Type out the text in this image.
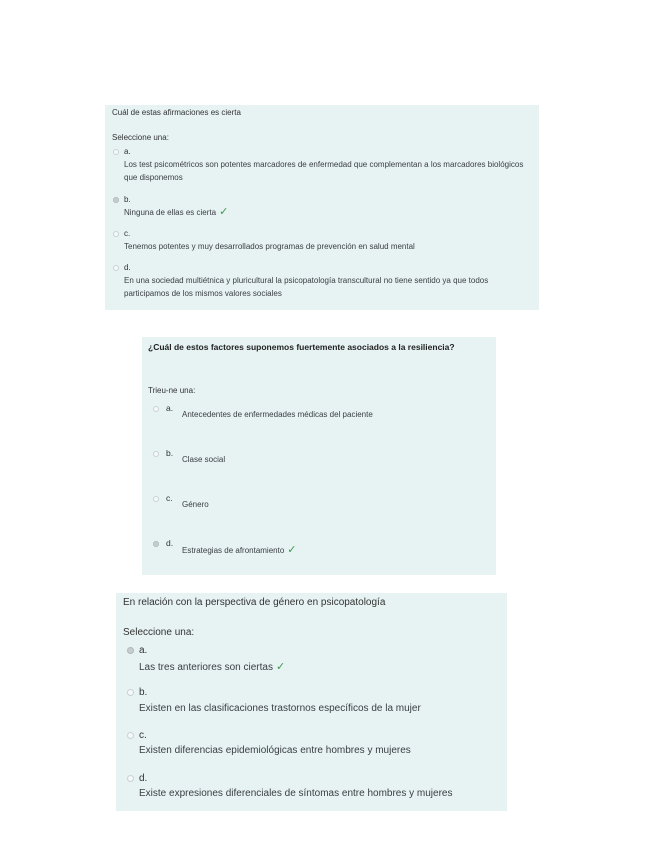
Cuál de estas afirmaciones es cierta
Seleccione una:
a.
Los test psicométricos son potentes marcadores de enfermedad que complementan a los marcadores biológicos que disponemos
b.
Ninguna de ellas es cierta ✓
c.
Tenemos potentes y muy desarrollados programas de prevención en salud mental
d.
En una sociedad multiétnica y pluricultural la psicopatología transcultural no tiene sentido ya que todos participamos de los mismos valores sociales
¿Cuál de estos factores suponemos fuertemente asociados a la resiliencia?
Trieu-ne una:
a.
Antecedentes de enfermedades médicas del paciente
b.
Clase social
c.
Género
d.
Estrategias de afrontamiento ✓
En relación con la perspectiva de género en psicopatología
Seleccione una:
a.
Las tres anteriores son ciertas ✓
b.
Existen en las clasificaciones trastornos específicos de la mujer
c.
Existen diferencias epidemiológicas entre hombres y mujeres
d.
Existe expresiones diferenciales de síntomas entre hombres y mujeres
